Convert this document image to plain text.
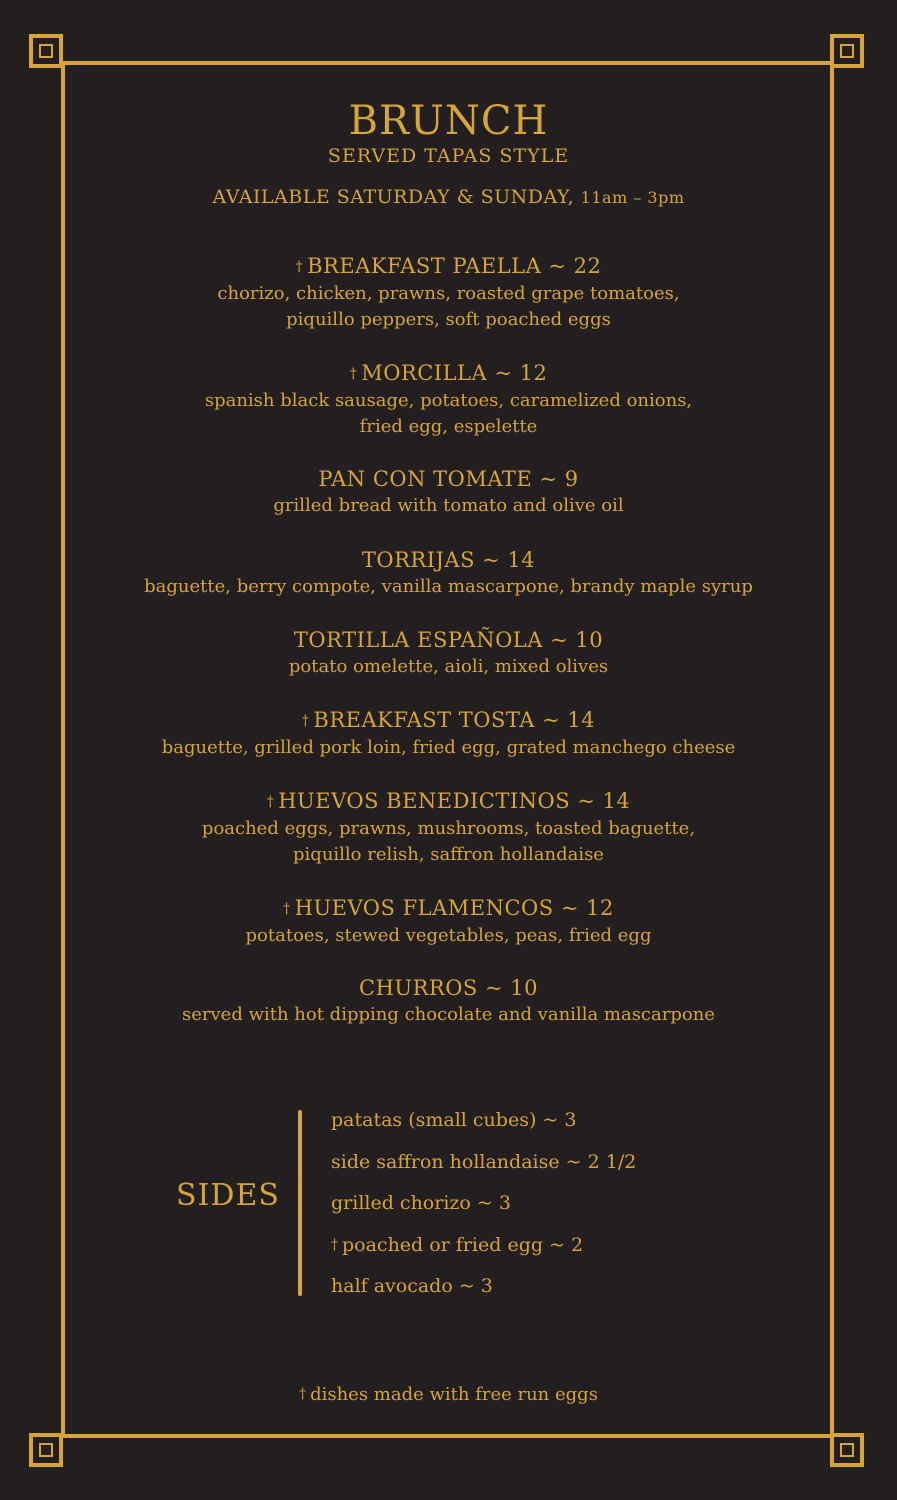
BRUNCH
SERVED TAPAS STYLE
AVAILABLE SATURDAY & SUNDAY, 11am – 3pm
† BREAKFAST PAELLA ~ 22
chorizo, chicken, prawns, roasted grape tomatoes,
piquillo peppers, soft poached eggs
† MORCILLA ~ 12
spanish black sausage, potatoes, caramelized onions,
fried egg, espelette
PAN CON TOMATE ~ 9
grilled bread with tomato and olive oil
TORRIJAS ~ 14
baguette, berry compote, vanilla mascarpone, brandy maple syrup
TORTILLA ESPAÑOLA ~ 10
potato omelette, aioli, mixed olives
† BREAKFAST TOSTA ~ 14
baguette, grilled pork loin, fried egg, grated manchego cheese
† HUEVOS BENEDICTINOS ~ 14
poached eggs, prawns, mushrooms, toasted baguette,
piquillo relish, saffron hollandaise
† HUEVOS FLAMENCOS ~ 12
potatoes, stewed vegetables, peas, fried egg
CHURROS ~ 10
served with hot dipping chocolate and vanilla mascarpone
SIDES
patatas (small cubes) ~ 3
side saffron hollandaise ~ 2 1/2
grilled chorizo ~ 3
† poached or fried egg ~ 2
half avocado ~ 3
† dishes made with free run eggs
